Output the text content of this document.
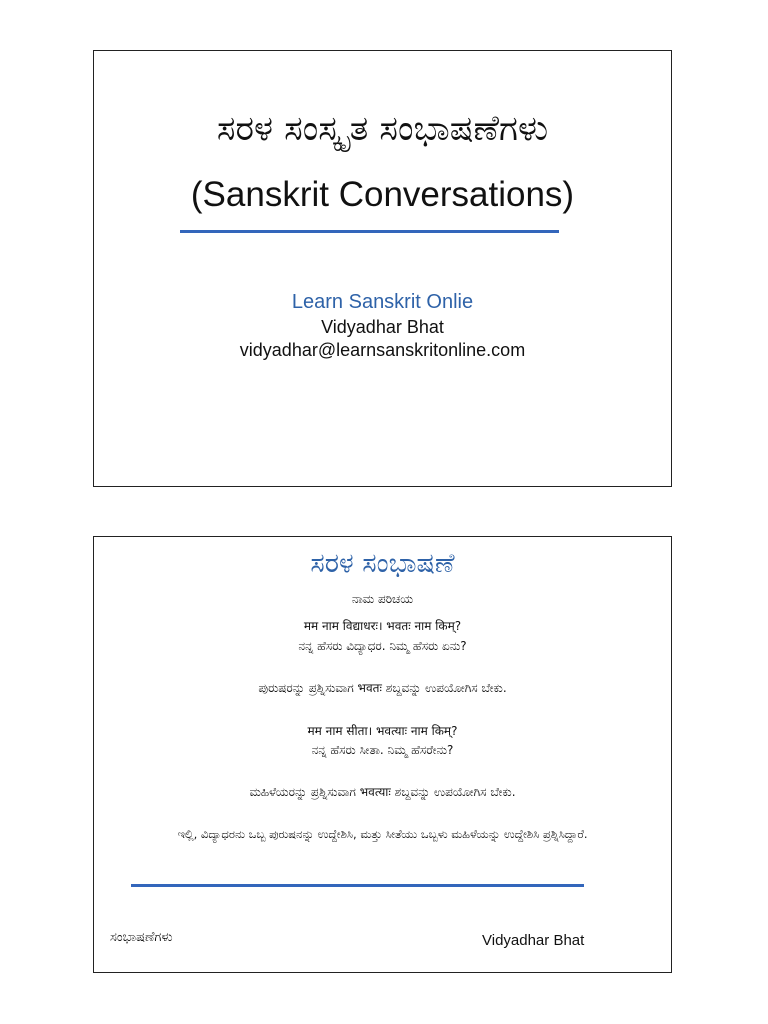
ಸರಳ ಸಂಸ್ಕೃತ ಸಂಭಾಷಣೆಗಳು
(Sanskrit Conversations)
Learn Sanskrit Onlie
Vidyadhar Bhat
vidyadhar@learnsanskritonline.com
ಸರಳ ಸಂಭಾಷಣೆ
ನಾಮ ಪರಿಚಯ
मम नाम विद्याधरः। भवतः नाम किम्?
ನನ್ನ ಹೆಸರು ವಿದ್ಯಾಧರ. ನಿಮ್ಮ ಹೆಸರು ಏನು?
ಪುರುಷರನ್ನು ಪ್ರಶ್ನಿಸುವಾಗ भवतः ಶಬ್ದವನ್ನು ಉಪಯೋಗಿಸ ಬೇಕು.
मम नाम सीता। भवत्याः नाम किम्?
ನನ್ನ ಹೆಸರು ಸೀತಾ. ನಿಮ್ಮ ಹೆಸರೇನು?
ಮಹಿಳೆಯರನ್ನು ಪ್ರಶ್ನಿಸುವಾಗ भवत्याः ಶಬ್ದವನ್ನು ಉಪಯೋಗಿಸ ಬೇಕು.
ಇಲ್ಲಿ, ವಿದ್ಯಾಧರನು ಒಬ್ಬ ಪುರುಷನನ್ನು ಉದ್ದೇಶಿಸಿ, ಮತ್ತು ಸೀತೆಯು ಒಬ್ಬಳು ಮಹಿಳೆಯನ್ನು ಉದ್ದೇಶಿಸಿ ಪ್ರಶ್ನಿಸಿದ್ದಾರೆ.
ಸಂಭಾಷಣೆಗಳು	Vidyadhar Bhat
